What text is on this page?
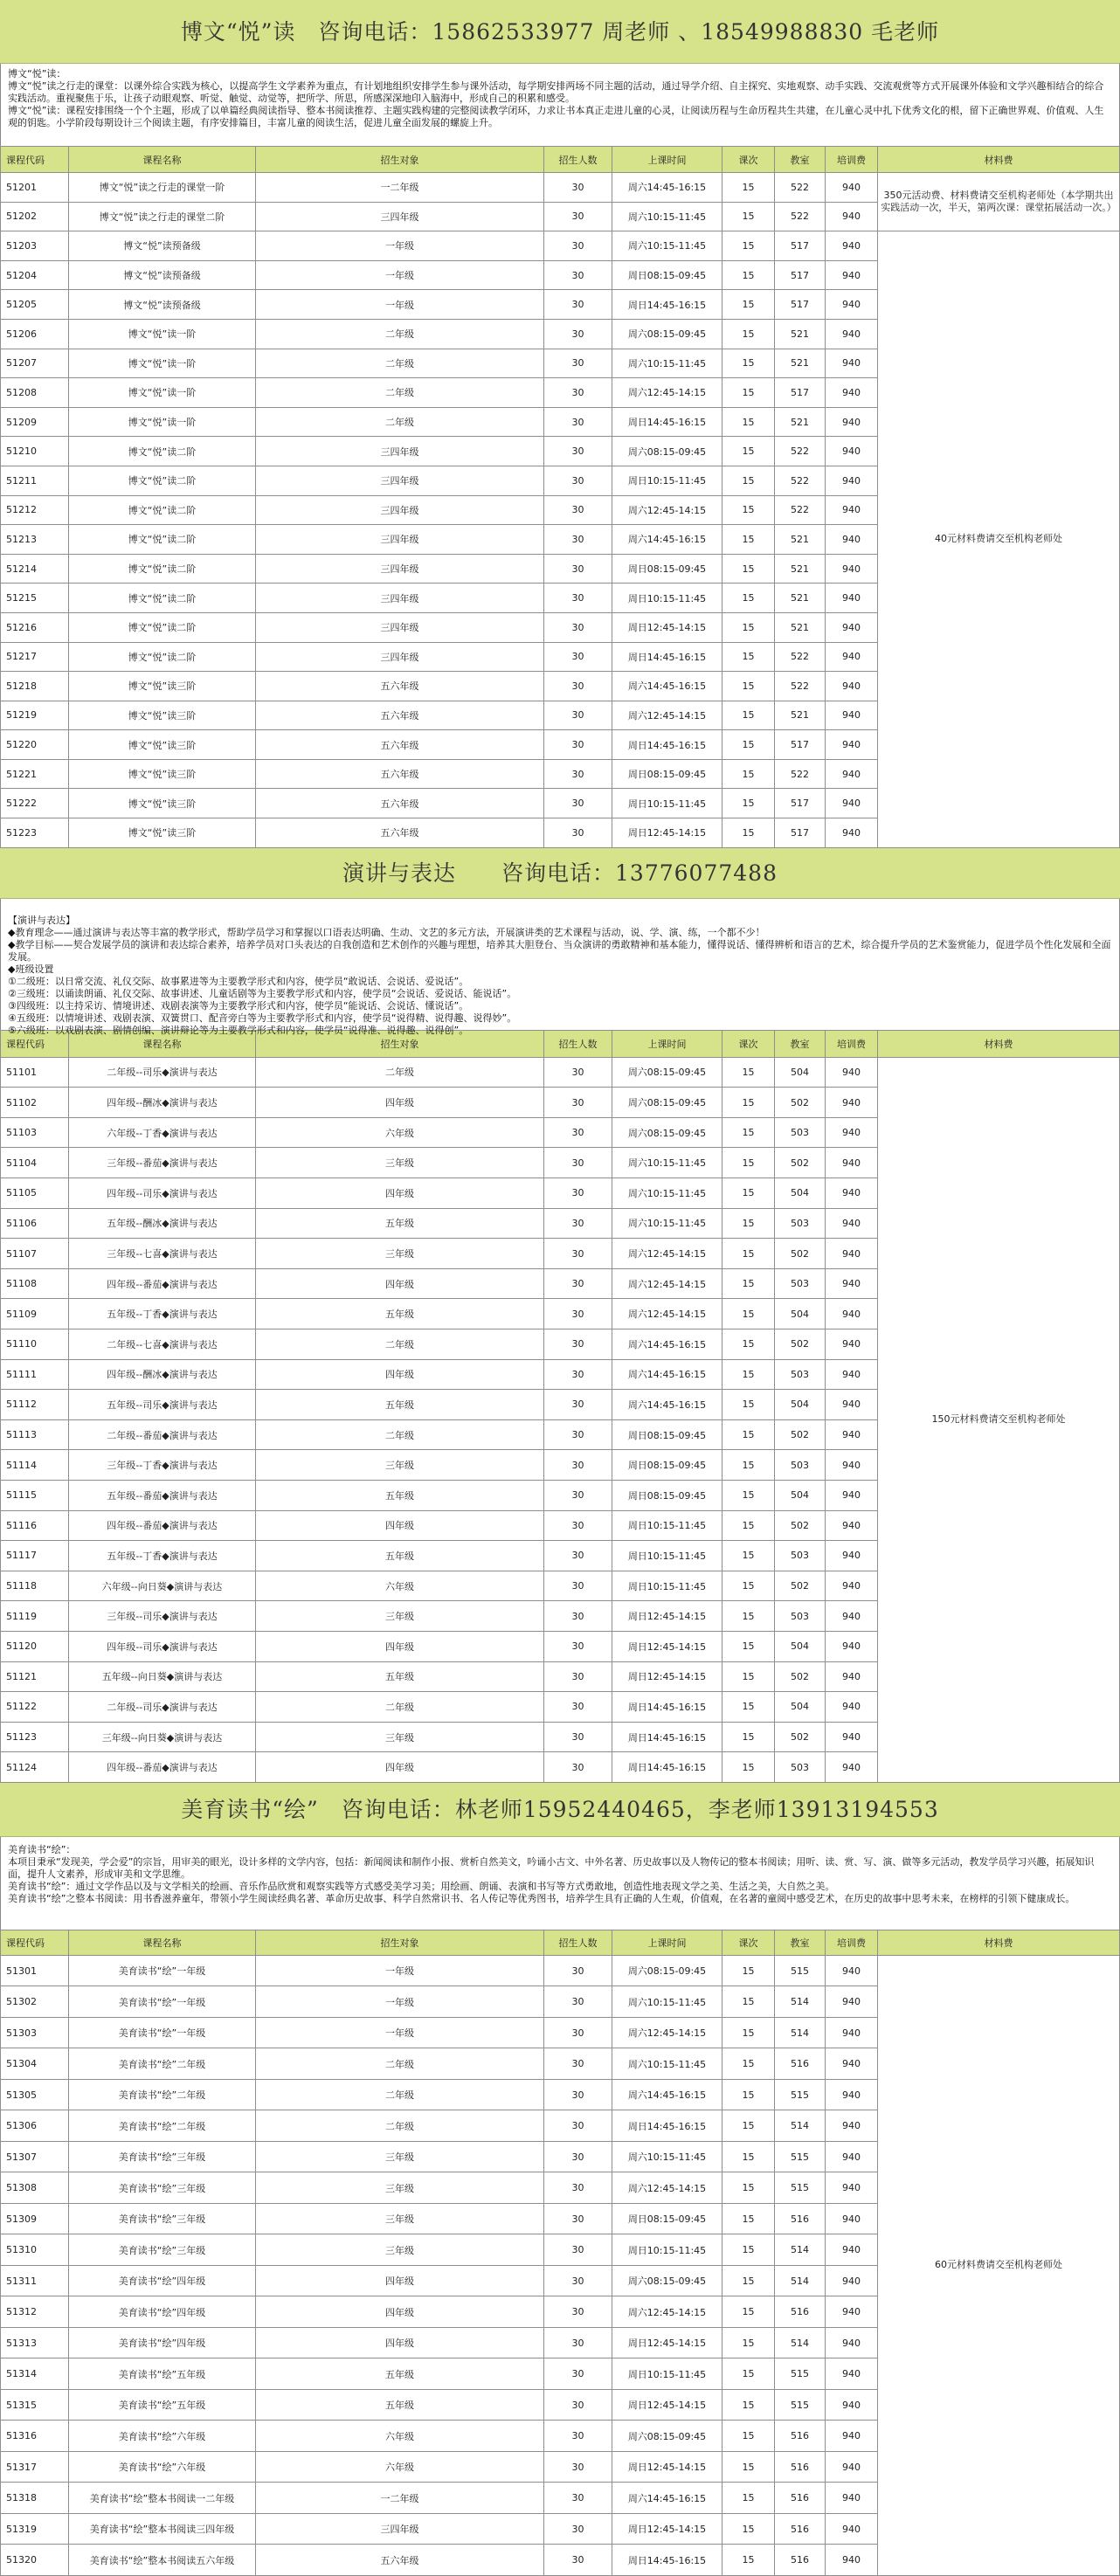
博文“悦”读　咨询电话：15862533977 周老师 、18549988830 毛老师

博文“悦”读：

博文“悦”读之行走的课堂：以课外综合实践为核心，以提高学生文学素养为重点，有计划地组织安排学生参与课外活动，每学期安排两场不同主题的活动，通过导学介绍、自主探究、实地观察、动手实践、交流观赏等方式开展课外体验和文学兴趣相结合的综合实践活动。重视聚焦于乐，让孩子动眼观察、听觉、触觉、动觉等，把所学、所思，所感深深地印入脑海中，形成自己的积累和感受。

博文“悦”读：课程安排围绕一个个主题，形成了以单篇经典阅读指导、整本书阅读推荐、主题实践构建的完整阅读教学闭环，力求让书本真正走进儿童的心灵，让阅读历程与生命历程共生共建，在儿童心灵中扎下优秀文化的根，留下正确世界观、价值观、人生观的钥匙。小学阶段每期设计三个阅读主题，有序安排篇目，丰富儿童的阅读生活，促进儿童全面发展的螺旋上升。

课程代码	课程名称	招生对象	招生人数	上课时间	课次	教室	培训费	材料费
51201	博文“悦”读之行走的课堂一阶	一二年级	30	周六14:45-16:15	15	522	940	350元活动费、材料费请交至机构老师处（本学期共出实践活动一次，半天，第两次课：课堂拓展活动一次。）
51202	博文“悦”读之行走的课堂二阶	三四年级	30	周六10:15-11:45	15	522	940	
51203	博文“悦”读预备级	一年级	30	周六10:15-11:45	15	517	940	40元材料费请交至机构老师处
51204	博文“悦”读预备级	一年级	30	周日08:15-09:45	15	517	940	
51205	博文“悦”读预备级	一年级	30	周日14:45-16:15	15	517	940	
51206	博文“悦”读一阶	二年级	30	周六08:15-09:45	15	521	940	
51207	博文“悦”读一阶	二年级	30	周六10:15-11:45	15	521	940	
51208	博文“悦”读一阶	二年级	30	周六12:45-14:15	15	517	940	
51209	博文“悦”读一阶	二年级	30	周日14:45-16:15	15	521	940	
51210	博文“悦”读二阶	三四年级	30	周六08:15-09:45	15	522	940	
51211	博文“悦”读二阶	三四年级	30	周日10:15-11:45	15	522	940	
51212	博文“悦”读二阶	三四年级	30	周六12:45-14:15	15	522	940	
51213	博文“悦”读二阶	三四年级	30	周六14:45-16:15	15	521	940	
51214	博文“悦”读二阶	三四年级	30	周日08:15-09:45	15	521	940	
51215	博文“悦”读二阶	三四年级	30	周日10:15-11:45	15	521	940	
51216	博文“悦”读二阶	三四年级	30	周日12:45-14:15	15	521	940	
51217	博文“悦”读二阶	三四年级	30	周日14:45-16:15	15	522	940	
51218	博文“悦”读三阶	五六年级	30	周六14:45-16:15	15	522	940	
51219	博文“悦”读三阶	五六年级	30	周六12:45-14:15	15	521	940	
51220	博文“悦”读三阶	五六年级	30	周日14:45-16:15	15	517	940	
51221	博文“悦”读三阶	五六年级	30	周日08:15-09:45	15	522	940	
51222	博文“悦”读三阶	五六年级	30	周日10:15-11:45	15	517	940	
51223	博文“悦”读三阶	五六年级	30	周日12:45-14:15	15	517	940	
演讲与表达　　咨询电话：13776077488

【演讲与表达】

◆教育理念——通过演讲与表达等丰富的教学形式，帮助学员学习和掌握以口语表达明确、生动、文艺的多元方法，开展演讲类的艺术课程与活动，说、学、演、练，一个都不少！

◆教学目标——契合发展学员的演讲和表达综合素养，培养学员对口头表达的自我创造和艺术创作的兴趣与理想，培养其大胆登台、当众演讲的勇敢精神和基本能力，懂得说话、懂得辨析和语言的艺术，综合提升学员的艺术鉴赏能力，促进学员个性化发展和全面发展。

◆班级设置

①二级班：以日常交流、礼仪交际、故事累进等为主要教学形式和内容，使学员“敢说话、会说话、爱说话”。

②三级班：以诵读朗诵、礼仪交际、故事讲述、儿童话剧等为主要教学形式和内容，使学员“会说话、爱说话、能说话”。

③四级班：以主持采访、情境讲述、戏剧表演等为主要教学形式和内容，使学员“能说话、会说话、懂说话”。

④五级班：以情境讲述、戏剧表演、双簧贯口、配音旁白等为主要教学形式和内容，使学员“说得精、说得趣、说得妙”。

⑤六级班：以戏剧表演、剧情创编、演讲辩论等为主要教学形式和内容，使学员“说得准、说得趣、说得创”。

课程代码	课程名称	招生对象	招生人数	上课时间	课次	教室	培训费	材料费
51101	二年级--司乐◆演讲与表达	二年级	30	周六08:15-09:45	15	504	940	150元材料费请交至机构老师处
51102	四年级--酬冰◆演讲与表达	四年级	30	周六08:15-09:45	15	502	940	
51103	六年级--丁香◆演讲与表达	六年级	30	周六08:15-09:45	15	503	940	
51104	三年级--番茄◆演讲与表达	三年级	30	周六10:15-11:45	15	502	940	
51105	四年级--司乐◆演讲与表达	四年级	30	周六10:15-11:45	15	504	940	
51106	五年级--酬冰◆演讲与表达	五年级	30	周六10:15-11:45	15	503	940	
51107	三年级--七喜◆演讲与表达	三年级	30	周六12:45-14:15	15	502	940	
51108	四年级--番茄◆演讲与表达	四年级	30	周六12:45-14:15	15	503	940	
51109	五年级--丁香◆演讲与表达	五年级	30	周六12:45-14:15	15	504	940	
51110	二年级--七喜◆演讲与表达	二年级	30	周六14:45-16:15	15	502	940	
51111	四年级--酬冰◆演讲与表达	四年级	30	周六14:45-16:15	15	503	940	
51112	五年级--司乐◆演讲与表达	五年级	30	周六14:45-16:15	15	504	940	
51113	二年级--番茄◆演讲与表达	二年级	30	周日08:15-09:45	15	502	940	
51114	三年级--丁香◆演讲与表达	三年级	30	周日08:15-09:45	15	503	940	
51115	五年级--番茄◆演讲与表达	五年级	30	周日08:15-09:45	15	504	940	
51116	四年级--番茄◆演讲与表达	四年级	30	周日10:15-11:45	15	502	940	
51117	五年级--丁香◆演讲与表达	五年级	30	周日10:15-11:45	15	503	940	
51118	六年级--向日葵◆演讲与表达	六年级	30	周日10:15-11:45	15	502	940	
51119	三年级--司乐◆演讲与表达	三年级	30	周日12:45-14:15	15	503	940	
51120	四年级--司乐◆演讲与表达	四年级	30	周日12:45-14:15	15	504	940	
51121	五年级--向日葵◆演讲与表达	五年级	30	周日12:45-14:15	15	502	940	
51122	二年级--司乐◆演讲与表达	二年级	30	周日14:45-16:15	15	504	940	
51123	三年级--向日葵◆演讲与表达	三年级	30	周日14:45-16:15	15	502	940	
51124	四年级--番茄◆演讲与表达	四年级	30	周日14:45-16:15	15	503	940	
美育读书“绘”　咨询电话：林老师15952440465，李老师13913194553

美育读书“绘”：

本项目秉承“发现美，学会爱”的宗旨，用审美的眼光，设计多样的文学内容，包括：新闻阅读和制作小报、赏析自然美文，吟诵小古文、中外名著、历史故事以及人物传记的整本书阅读；用听、读、赏、写、演、做等多元活动，教发学员学习兴趣，拓展知识面，提升人文素养，形成审美和文学思维。

美育读书“绘”：通过文学作品以及与文学相关的绘画、音乐作品欣赏和观察实践等方式感受美学习美；用绘画、朗诵、表演和书写等方式勇敢地，创造性地表现文学之美、生活之美，大自然之美。

美育读书“绘”之整本书阅读：用书香滋养童年，带领小学生阅读经典名著、革命历史故事、科学自然常识书、名人传记等优秀图书，培养学生具有正确的人生观，价值观，在名著的童阅中感受艺术，在历史的故事中思考未来，在榜样的引领下健康成长。

课程代码	课程名称	招生对象	招生人数	上课时间	课次	教室	培训费	材料费
51301	美育读书“绘”一年级	一年级	30	周六08:15-09:45	15	515	940	60元材料费请交至机构老师处
51302	美育读书“绘”一年级	一年级	30	周六10:15-11:45	15	514	940	
51303	美育读书“绘”一年级	一年级	30	周六12:45-14:15	15	514	940	
51304	美育读书“绘”二年级	二年级	30	周六10:15-11:45	15	516	940	
51305	美育读书“绘”二年级	二年级	30	周六14:45-16:15	15	515	940	
51306	美育读书“绘”二年级	二年级	30	周日14:45-16:15	15	514	940	
51307	美育读书“绘”三年级	三年级	30	周六10:15-11:45	15	515	940	
51308	美育读书“绘”三年级	三年级	30	周六12:45-14:15	15	515	940	
51309	美育读书“绘”三年级	三年级	30	周日08:15-09:45	15	516	940	
51310	美育读书“绘”三年级	三年级	30	周日10:15-11:45	15	514	940	
51311	美育读书“绘”四年级	四年级	30	周六08:15-09:45	15	514	940	
51312	美育读书“绘”四年级	四年级	30	周六12:45-14:15	15	516	940	
51313	美育读书“绘”四年级	四年级	30	周日12:45-14:15	15	514	940	
51314	美育读书“绘”五年级	五年级	30	周日10:15-11:45	15	515	940	
51315	美育读书“绘”五年级	五年级	30	周日12:45-14:15	15	515	940	
51316	美育读书“绘”六年级	六年级	30	周六08:15-09:45	15	516	940	
51317	美育读书“绘”六年级	六年级	30	周日12:45-14:15	15	516	940	
51318	美育读书“绘”整本书阅读一二年级	一二年级	30	周六14:45-16:15	15	516	940	
51319	美育读书“绘”整本书阅读三四年级	三四年级	30	周日12:45-14:15	15	516	940	
51320	美育读书“绘”整本书阅读五六年级	五六年级	30	周日14:45-16:15	15	516	940	
